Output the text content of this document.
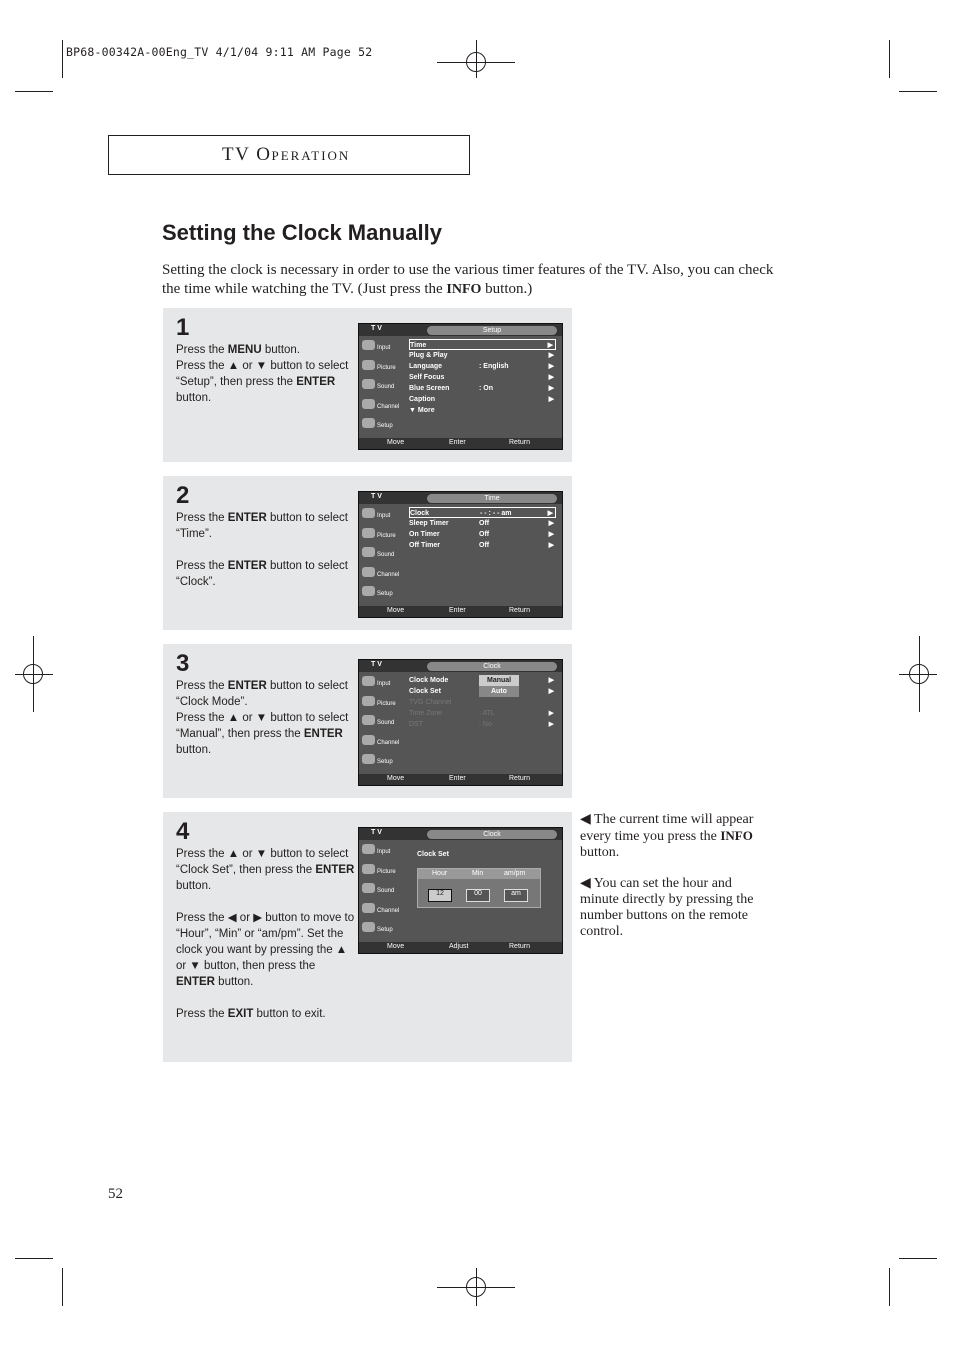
BP68-00342A-00Eng_TV 4/1/04 9:11 AM Page 52
TV OPERATION
Setting the Clock Manually
Setting the clock is necessary in order to use the various timer features of the TV. Also, you can check the time while watching the TV. (Just press the INFO button.)
1

Press the MENU button.

Press the ▲ or ▼ button to select “Setup”, then press the ENTER button.

T V	Setup
Input
Picture
Sound
Channel
Setup
Time	▶
Plug & Play	▶
Language	: English	▶
Self Focus	▶
Blue Screen	: On	▶
Caption	▶
▼ More
Move	Enter	Return
2

Press the ENTER button to select “Time”.

Press the ENTER button to select “Clock”.

T V	Time
Input
Picture
Sound
Channel
Setup
Clock	- - : - - am	▶
Sleep Timer	Off	▶
On Timer	Off	▶
Off Timer	Off	▶
Move	Enter	Return
3

Press the ENTER button to select “Clock Mode”.

Press the ▲ or ▼ button to select “Manual”, then press the ENTER button.

T V	Clock
Input
Picture
Sound
Channel
Setup
Clock Mode	Manual	▶
Clock Set	Auto	▶
TVG Channel
Time Zone	: ATL	▶
DST	: No	▶
Move	Enter	Return
4

Press the ▲ or ▼ button to select “Clock Set”, then press the ENTER button.

Press the ◀ or ▶ button to move to “Hour”, “Min” or “am/pm”. Set the clock you want by pressing the ▲ or ▼ button, then press the ENTER button.

Press the EXIT button to exit.

T V	Clock
Input
Picture
Sound
Channel
Setup
Clock Set
Hour	Min	am/pm
12	00	am
Move	Adjust	Return
◀ The current time will appear every time you press the INFO button.
◀ You can set the hour and minute directly by pressing the number buttons on the remote control.
52
